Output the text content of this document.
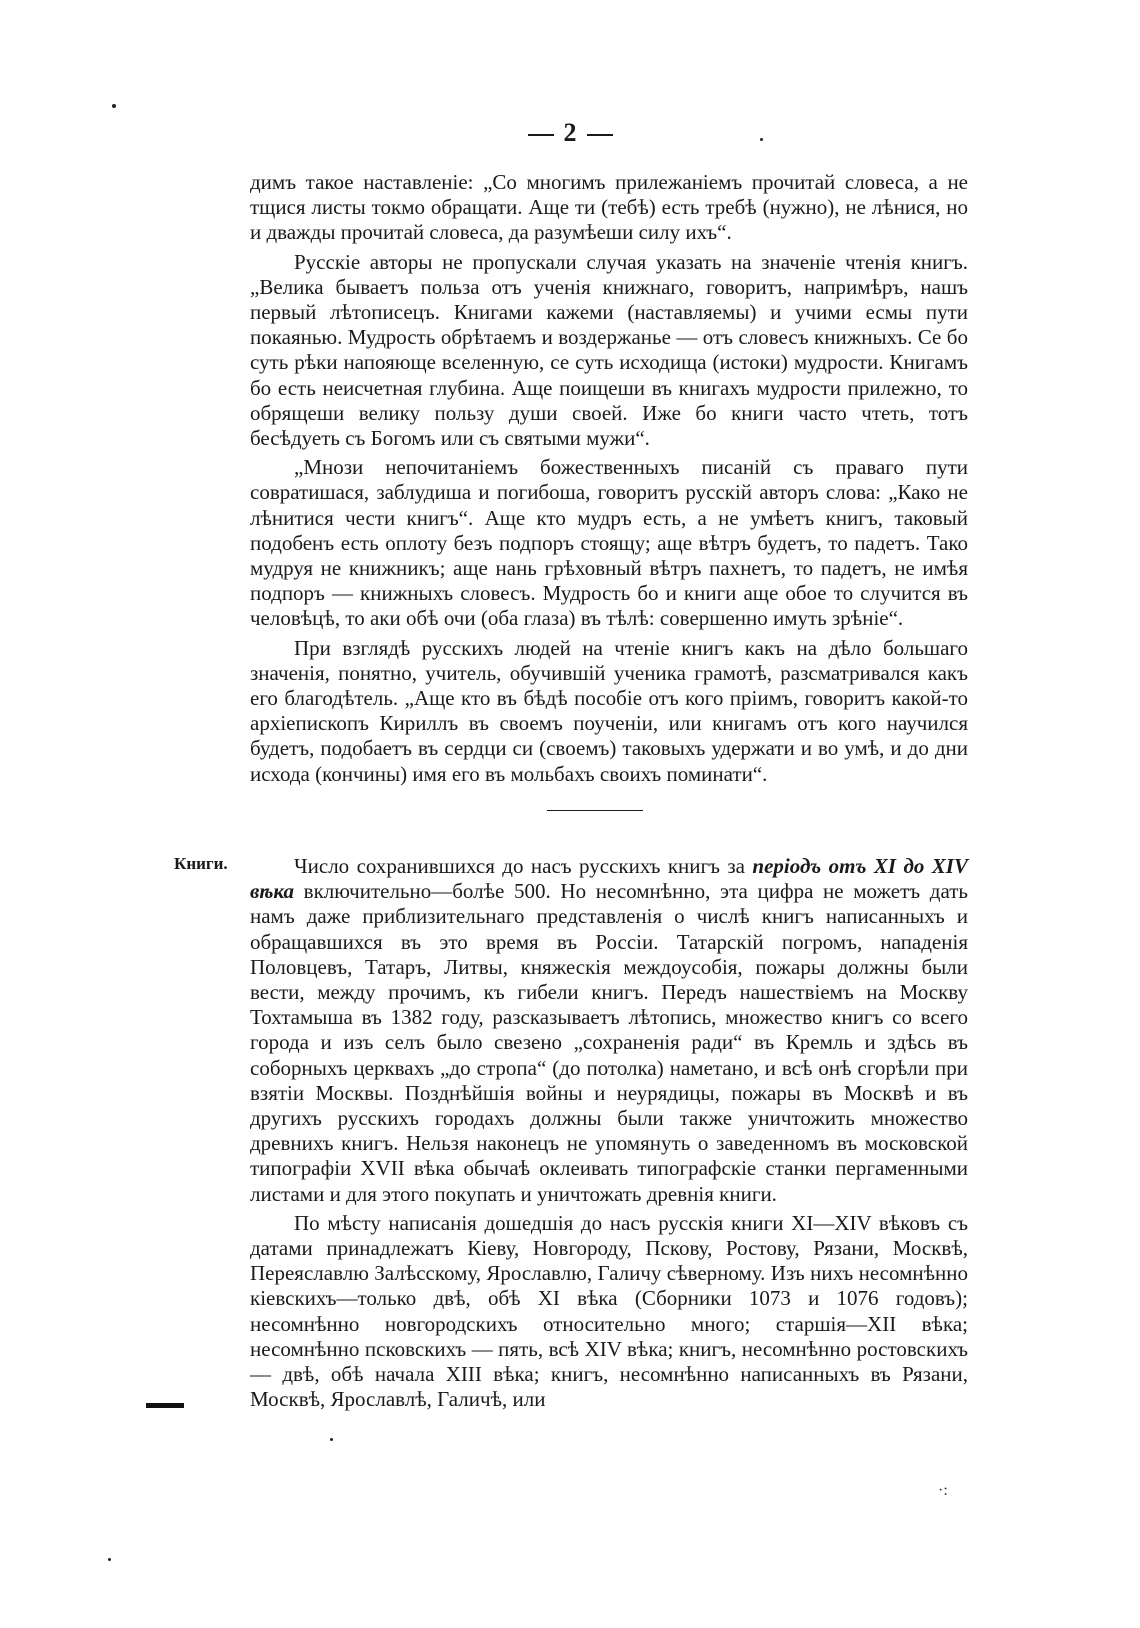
2

димъ такое наставленіе: „Со многимъ прилежаніемъ прочитай словеса, а не тщися листы токмо обращати. Аще ти (тебѣ) есть требѣ (нужно), не лѣнися, но и дважды прочитай словеса, да разумѣеши силу ихъ“.

Русскіе авторы не пропускали случая указать на значеніе чтенія книгъ. „Велика бываетъ польза отъ ученія книжнаго, говоритъ, напримѣръ, нашъ первый лѣтописецъ. Книгами кажеми (наставляемы) и учими есмы пути покаянью. Мудрость обрѣтаемъ и воздержанье — отъ словесъ книжныхъ. Се бо суть рѣки напояюще вселенную, се суть исходища (истоки) мудрости. Книгамъ бо есть неисчетная глубина. Аще поищеши въ книгахъ мудрости прилежно, то обрящеши велику пользу души своей. Иже бо книги часто чтеть, тотъ бесѣдуеть съ Богомъ или съ святыми мужи“.

„Мнози непочитаніемъ божественныхъ писаній съ праваго пути совратишася, заблудиша и погибоша, говоритъ русскій авторъ слова: „Како не лѣнитися чести книгъ“. Аще кто мудръ есть, а не умѣетъ книгъ, таковый подобенъ есть оплоту безъ подпоръ стоящу; аще вѣтръ будетъ, то падетъ. Тако мудруя не книжникъ; аще нань грѣховный вѣтръ пахнетъ, то падетъ, не имѣя подпоръ — книжныхъ словесъ. Мудрость бо и книги аще обое то случится въ человѣцѣ, то аки обѣ очи (оба глаза) въ тѣлѣ: совершенно имуть зрѣніе“.

При взглядѣ русскихъ людей на чтеніе книгъ какъ на дѣло большаго значенія, понятно, учитель, обучившій ученика грамотѣ, разсматривался какъ его благодѣтель. „Аще кто въ бѣдѣ пособіе отъ кого пріимъ, говоритъ какой-то архіепископъ Кириллъ въ своемъ поученіи, или книгамъ отъ кого научился будетъ, подобаетъ въ сердци си (своемъ) таковыхъ удержати и во умѣ, и до дни исхода (кончины) имя его въ мольбахъ своихъ поминати“.

Книги.	Число сохранившихся до насъ русскихъ книгъ за періодъ отъ XI до XIV вѣка включительно—болѣе 500. Но несомнѣнно, эта цифра не можетъ дать намъ даже приблизительнаго представленія о числѣ книгъ написанныхъ и обращавшихся въ это время въ Россіи. Татарскій погромъ, нападенія Половцевъ, Татаръ, Литвы, княжескія междоусобія, пожары должны были вести, между прочимъ, къ гибели книгъ. Передъ нашествіемъ на Москву Тохтамыша въ 1382 году, разсказываетъ лѣтопись, множество книгъ со всего города и изъ селъ было свезено „сохраненія ради“ въ Кремль и здѣсь въ соборныхъ церквахъ „до стропа“ (до потолка) наметано, и всѣ онѣ сгорѣли при взятіи Москвы. Позднѣйшія войны и неурядицы, пожары въ Москвѣ и въ другихъ русскихъ городахъ должны были также уничтожить множество древнихъ книгъ. Нельзя наконецъ не упомянуть о заведенномъ въ московской типографіи XVII вѣка обычаѣ оклеивать типографскіе станки пергаменными листами и для этого покупать и уничтожать древнія книги.

По мѣсту написанія дошедшія до насъ русскія книги XI—XIV вѣковъ съ датами принадлежатъ Кіеву, Новгороду, Пскову, Ростову, Рязани, Москвѣ, Переяславлю Залѣсскому, Ярославлю, Галичу сѣверному. Изъ нихъ несомнѣнно кіевскихъ—только двѣ, обѣ XI вѣка (Сборники 1073 и 1076 годовъ); несомнѣнно новгородскихъ относительно много; старшія—XII вѣка; несомнѣнно псковскихъ — пять, всѣ XIV вѣка; книгъ, несомнѣнно ростовскихъ — двѣ, обѣ начала XIII вѣка; книгъ, несомнѣнно написанныхъ въ Рязани, Москвѣ, Ярославлѣ, Галичѣ, или

·:
